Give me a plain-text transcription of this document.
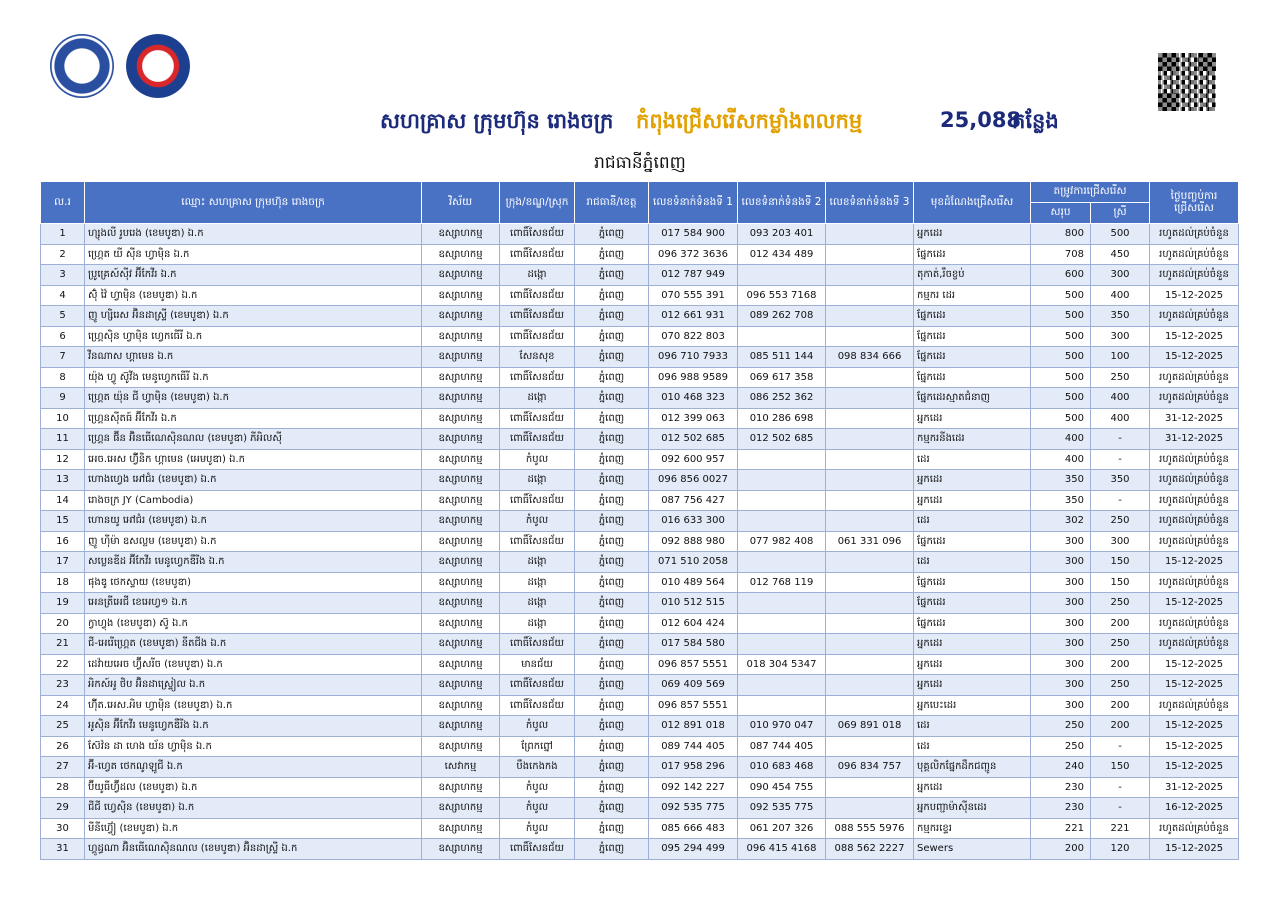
សហគ្រាស ក្រុមហ៊ុន រោងចក្រ កំពុងជ្រើសរើសកម្លាំងពលកម្ម	25,088
កន្លែង
រាជធានីភ្នំពេញ
ល.រ	ឈ្មោះ សហគ្រាស ក្រុមហ៊ុន រោងចក្រ	វិស័យ	ក្រុង/ខណ្ឌ/ស្រុក	រាជធានី/ខេត្ត	លេខទំនាក់ទំនងទី 1	លេខទំនាក់ទំនងទី 2	លេខទំនាក់ទំនងទី 3	មុខដំណែងជ្រើសរើស	តម្រូវការជ្រើសរើស		ថ្ងៃបញ្ចប់ការជ្រើសរើស
									សរុប	ស្រី	
1	ហ្សុងលី រូបរេង (ខេមបូឌា) ឯ.ក	ឧស្សាហកម្ម	ពោធិ៍សែនជ័យ	ភ្នំពេញ	017 584 900	093 203 401		អ្នកដេរ	800	500	រហូតដល់គ្រប់ចំនួន
2	ហ្គ្រេត យី ស៊ីន ហ្វាម៉ិន ឯ.ក	ឧស្សាហកម្ម	ពោធិ៍សែនជ័យ	ភ្នំពេញ	096 372 3636	012 434 489		ផ្នែកដេរ	708	450	រហូតដល់គ្រប់ចំនួន
3	ប្រូគ្រេស៍ស៊ីវ អ៊ីកែវីរ ឯ.ក	ឧស្សាហកម្ម	ដង្កោ	ភ្នំពេញ	012 787 949			តុកាត់,រឹចខ្ចប់	600	300	រហូតដល់គ្រប់ចំនួន
4	ស៊ុំ វ៉ៃ ហ្វាម៉ិន (ខេមបូឌា) ឯ.ក	ឧស្សាហកម្ម	ពោធិ៍សែនជ័យ	ភ្នំពេញ	070 555 391	096 553 7168		កម្មករ ដេរ	500	400	15-12-2025
5	ញូ ហ្សិរេស អ៊ិនដាស្ទ្រី (ខេមបូឌា) ឯ.ក	ឧស្សាហកម្ម	ពោធិ៍សែនជ័យ	ភ្នំពេញ	012 661 931	089 262 708		ផ្នែកដេរ	500	350	រហូតដល់គ្រប់ចំនួន
6	ហ្គ្រេស៊ិន ហ្វាម៉ិន ហ្វេកធើរី ឯ.ក	ឧស្សាហកម្ម	ពោធិ៍សែនជ័យ	ភ្នំពេញ	070 822 803			ផ្នែកដេរ	500	300	15-12-2025
7	វីនណាស ហ្គាមេន ឯ.ក	ឧស្សាហកម្ម	សែនសុខ	ភ្នំពេញ	096 710 7933	085 511 144	098 834 666	ផ្នែកដេរ	500	100	15-12-2025
8	យ៉ុង ហ្វូ ស៊ូវីង មេនូហ្វេកធើរី ឯ.ក	ឧស្សាហកម្ម	ពោធិ៍សែនជ័យ	ភ្នំពេញ	096 988 9589	069 617 358		ផ្នែកដេរ	500	250	រហូតដល់គ្រប់ចំនួន
9	ហ្គ្រេត យ៉ុន ជី ហ្វាម៉ិន (ខេមបូឌា) ឯ.ក	ឧស្សាហកម្ម	ដង្កោ	ភ្នំពេញ	010 468 323	086 252 362		ផ្នែកដេរស្មាតជំនាញ	500	400	រហូតដល់គ្រប់ចំនួន
10	ហ្គ្រេនស៊ីតធ៍ អ៊ីកែវីរ ឯ.ក	ឧស្សាហកម្ម	ពោធិ៍សែនជ័យ	ភ្នំពេញ	012 399 063	010 286 698		អ្នកដេរ	500	400	31-12-2025
11	ហ្គ្រេន ផ៊ីន អ៊ិនធើណេស៊ិនណល (ខេមបូឌា) ភីអិលស៊ី	ឧស្សាហកម្ម	ពោធិ៍សែនជ័យ	ភ្នំពេញ	012 502 685	012 502 685		កម្មករនីងដេរ	400	-	31-12-2025
12	អេច.អេស ហ៊្វីនិក ហ្គាមេន (អេមបូឌា) ឯ.ក	ឧស្សាហកម្ម	កំបូល	ភ្នំពេញ	092 600 957			ដេរ	400	-	រហូតដល់គ្រប់ចំនួន
13	ហោងហ្វេង អៅជំរ (ខេមបូឌា) ឯ.ក	ឧស្សាហកម្ម	ដង្កោ	ភ្នំពេញ	096 856 0027			អ្នកដេរ	350	350	រហូតដល់គ្រប់ចំនួន
14	រោងចក្រ JY (Cambodia)	ឧស្សាហកម្ម	ពោធិ៍សែនជ័យ	ភ្នំពេញ	087 756 427			អ្នកដេរ	350	-	រហូតដល់គ្រប់ចំនួន
15	ហោនយូ អៅជំរ (ខេមបូឌា) ឯ.ក	ឧស្សាហកម្ម	កំបូល	ភ្នំពេញ	016 633 300			ដេរ	302	250	រហូតដល់គ្រប់ចំនួន
16	ញូ ហ៊ីម៉ា ឧសល្លម (ខេមបូឌា) ឯ.ក	ឧស្សាហកម្ម	ពោធិ៍សែនជ័យ	ភ្នំពេញ	092 888 980	077 982 408	061 331 096	ផ្នែកដេរ	300	300	រហូតដល់គ្រប់ចំនួន
17	សប្លេនឌីដ អ៊ីកែវីរ មេនូហ្វេកឌឺរីង ឯ.ក	ឧស្សាហកម្ម	ដង្កោ	ភ្នំពេញ	071 510 2058			ដេរ	300	150	15-12-2025
18	ផុងឌូ ថេកស្ទាយ (ខេមបូឌា)	ឧស្សាហកម្ម	ដង្កោ	ភ្នំពេញ	010 489 564	012 768 119		ផ្នែកដេរ	300	150	រហូតដល់គ្រប់ចំនួន
19	អេនត្រីអេជី ខេអេហ្វ១ ឯ.ក	ឧស្សាហកម្ម	ដង្កោ	ភ្នំពេញ	010 512 515			ផ្នែកដេរ	300	250	15-12-2025
20	ក្វាហ្វុង (ខេមបូឌា) ស៊ូ ឯ.ក	ឧស្សាហកម្ម	ដង្កោ	ភ្នំពេញ	012 604 424			ផ្នែកដេរ	300	200	រហូតដល់គ្រប់ចំនួន
21	ជី-អេរើហ្គ្រេត (ខេមបូឌា) នីតជីង ឯ.ក	ឧស្សាហកម្ម	ពោធិ៍សែនជ័យ	ភ្នំពេញ	017 584 580			អ្នកដេរ	300	250	រហូតដល់គ្រប់ចំនួន
22	ដេវ៉ាយអេច ហ្វ៊ីសរីច (ខេមបូឌា) ឯ.ក	ឧស្សាហកម្ម	មានជ័យ	ភ្នំពេញ	096 857 5551	018 304 5347		អ្នកដេរ	300	200	15-12-2025
23	អិកស៍អូ ថិប អ៊ិនដាស្ទ្រៀល ឯ.ក	ឧស្សាហកម្ម	ពោធិ៍សែនជ័យ	ភ្នំពេញ	069 409 569			អ្នកដេរ	300	250	15-12-2025
24	ហ៊ុីត.អេស.អិម ហ្វាម៉ិន (ខេមបូឌា) ឯ.ក	ឧស្សាហកម្ម	ពោធិ៍សែនជ័យ	ភ្នំពេញ	096 857 5551			អ្នកបេះដេរ	300	200	រហូតដល់គ្រប់ចំនួន
25	អូស៊ិន អ៊ីកែវីរ មេនូហ្វេកឌឺរីង ឯ.ក	ឧស្សាហកម្ម	កំបូល	ភ្នំពេញ	012 891 018	010 970 047	069 891 018	ដេរ	250	200	15-12-2025
26	ស៊ែវ៉ន ដា ហេង យ័ន ហ្វាម៉ិន ឯ.ក	ឧស្សាហកម្ម	ព្រែកព្នៅ	ភ្នំពេញ	089 744 405	087 744 405		ដេរ	250	-	15-12-2025
27	អ៊ី-ហ្វេត ថេកណូឡូជី ឯ.ក	សេវាកម្ម	បឹងកេងកង	ភ្នំពេញ	017 958 296	010 683 468	096 834 757	បុគ្គលិកផ្នែកដឹកជញ្ជូន	240	150	15-12-2025
28	ប៊ីយូធីហ្វ៊ីដល (ខេមបូឌា) ឯ.ក	ឧស្សាហកម្ម	កំបូល	ភ្នំពេញ	092 142 227	090 454 755		អ្នកដេរ	230	-	31-12-2025
29	ជីជី ហ្វេស៊ិន (ខេមបូឌា) ឯ.ក	ឧស្សាហកម្ម	កំបូល	ភ្នំពេញ	092 535 775	092 535 775		អ្នកបញ្ជាម៉ាស៊ីនដេរ	230	-	16-12-2025
30	មីនីហ៊្វៀ (ខេមបូឌា) ឯ.ក	ឧស្សាហកម្ម	កំបូល	ភ្នំពេញ	085 666 483	061 207 326	088 555 5976	កម្មករខ្ទេរ	221	221	រហូតដល់គ្រប់ចំនួន
31	ហ្គូដ្ធណា អ៊ិនធើណេស៊ិនណល (ខេមបូឌា) អ៊ិនដាស្ទ្រី ឯ.ក	ឧស្សាហកម្ម	ពោធិ៍សែនជ័យ	ភ្នំពេញ	095 294 499	096 415 4168	088 562 2227	Sewers	200	120	15-12-2025
